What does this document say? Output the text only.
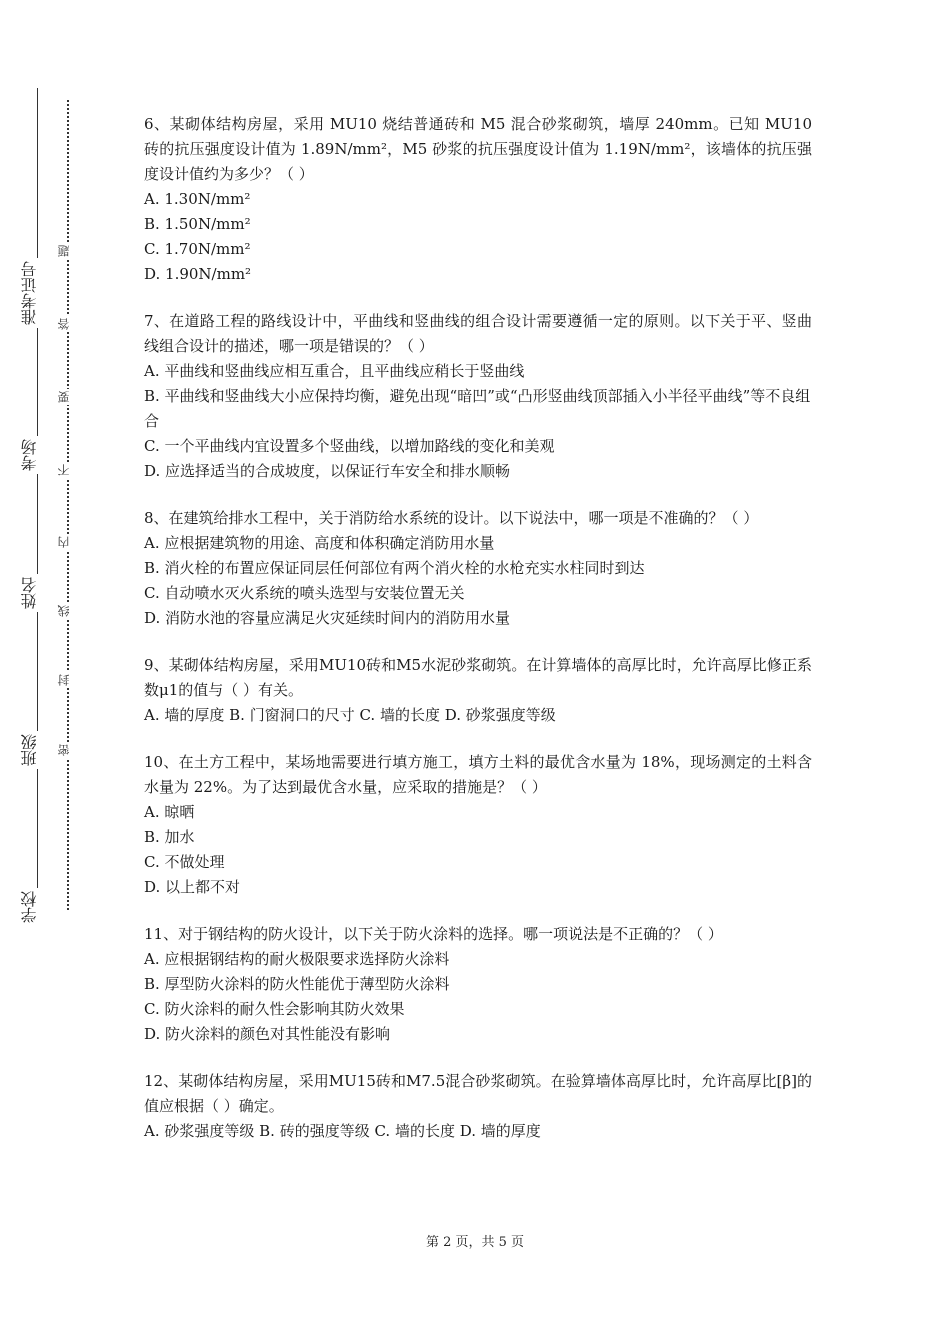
准考证号
考场
姓名
班级
学校
题
答
要
不
内
线
封
密

6、某砌体结构房屋，采用 MU10 烧结普通砖和 M5 混合砂浆砌筑，墙厚 240mm。已知 MU10 砖的抗压强度设计值为 1.89N/mm²，M5 砂浆的抗压强度设计值为 1.19N/mm²，该墙体的抗压强度设计值约为多少？（ ）

A. 1.30N/mm²

B. 1.50N/mm²

C. 1.70N/mm²

D. 1.90N/mm²

7、在道路工程的路线设计中，平曲线和竖曲线的组合设计需要遵循一定的原则。以下关于平、竖曲线组合设计的描述，哪一项是错误的？（ ）

A. 平曲线和竖曲线应相互重合，且平曲线应稍长于竖曲线

B. 平曲线和竖曲线大小应保持均衡，避免出现“暗凹”或“凸形竖曲线顶部插入小半径平曲线”等不良组合

C. 一个平曲线内宜设置多个竖曲线，以增加路线的变化和美观

D. 应选择适当的合成坡度，以保证行车安全和排水顺畅

8、在建筑给排水工程中，关于消防给水系统的设计。以下说法中，哪一项是不准确的？（ ）

A. 应根据建筑物的用途、高度和体积确定消防用水量

B. 消火栓的布置应保证同层任何部位有两个消火栓的水枪充实水柱同时到达

C. 自动喷水灭火系统的喷头选型与安装位置无关

D. 消防水池的容量应满足火灾延续时间内的消防用水量

9、某砌体结构房屋，采用MU10砖和M5水泥砂浆砌筑。在计算墙体的高厚比时，允许高厚比修正系数μ1的值与（ ）有关。

A. 墙的厚度 B. 门窗洞口的尺寸 C. 墙的长度 D. 砂浆强度等级

10、在土方工程中，某场地需要进行填方施工，填方土料的最优含水量为 18%，现场测定的土料含水量为 22%。为了达到最优含水量，应采取的措施是？（ ）

A. 晾晒

B. 加水

C. 不做处理

D. 以上都不对

11、对于钢结构的防火设计，以下关于防火涂料的选择。哪一项说法是不正确的？（ ）

A. 应根据钢结构的耐火极限要求选择防火涂料

B. 厚型防火涂料的防火性能优于薄型防火涂料

C. 防火涂料的耐久性会影响其防火效果

D. 防火涂料的颜色对其性能没有影响

12、某砌体结构房屋，采用MU15砖和M7.5混合砂浆砌筑。在验算墙体高厚比时，允许高厚比[β]的值应根据（ ）确定。

A. 砂浆强度等级 B. 砖的强度等级 C. 墙的长度 D. 墙的厚度

第 2 页，共 5 页
